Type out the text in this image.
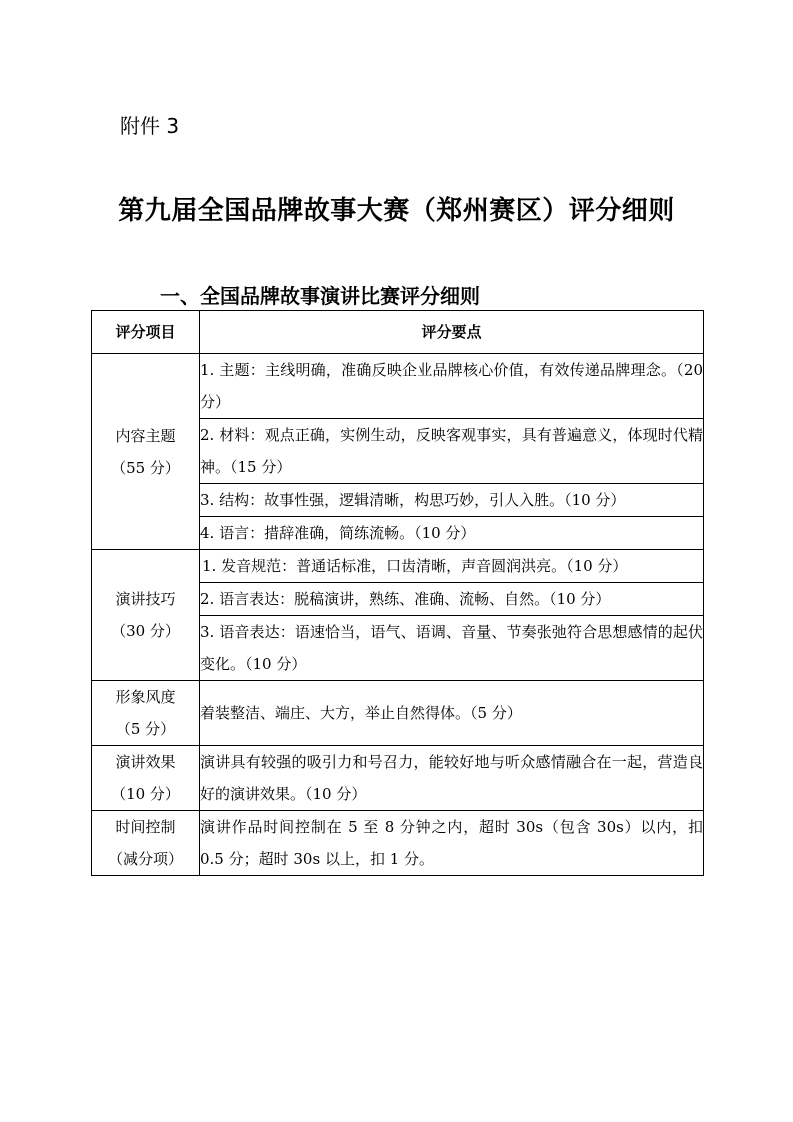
附件 3
第九届全国品牌故事大赛（郑州赛区）评分细则
一、全国品牌故事演讲比赛评分细则
评分项目	评分要点

内容主题
（55 分）	1. 主题：主线明确，准确反映企业品牌核心价值，有效传递品牌理念。（20 分）
	2. 材料：观点正确，实例生动，反映客观事实，具有普遍意义，体现时代精神。（15 分）
	3. 结构：故事性强，逻辑清晰，构思巧妙，引人入胜。（10 分）
	4. 语言：措辞准确，简练流畅。（10 分）

演讲技巧
（30 分）	1. 发音规范：普通话标准，口齿清晰，声音圆润洪亮。（10 分）
	2. 语言表达：脱稿演讲，熟练、准确、流畅、自然。（10 分）
	3. 语音表达：语速恰当，语气、语调、音量、节奏张弛符合思想感情的起伏变化。（10 分）

形象风度
（5 分）	着装整洁、端庄、大方，举止自然得体。（5 分）

演讲效果
（10 分）	演讲具有较强的吸引力和号召力，能较好地与听众感情融合在一起，营造良好的演讲效果。（10 分）

时间控制
（减分项）	演讲作品时间控制在 5 至 8 分钟之内，超时 30s（包含 30s）以内，扣 0.5 分；超时 30s 以上，扣 1 分。
